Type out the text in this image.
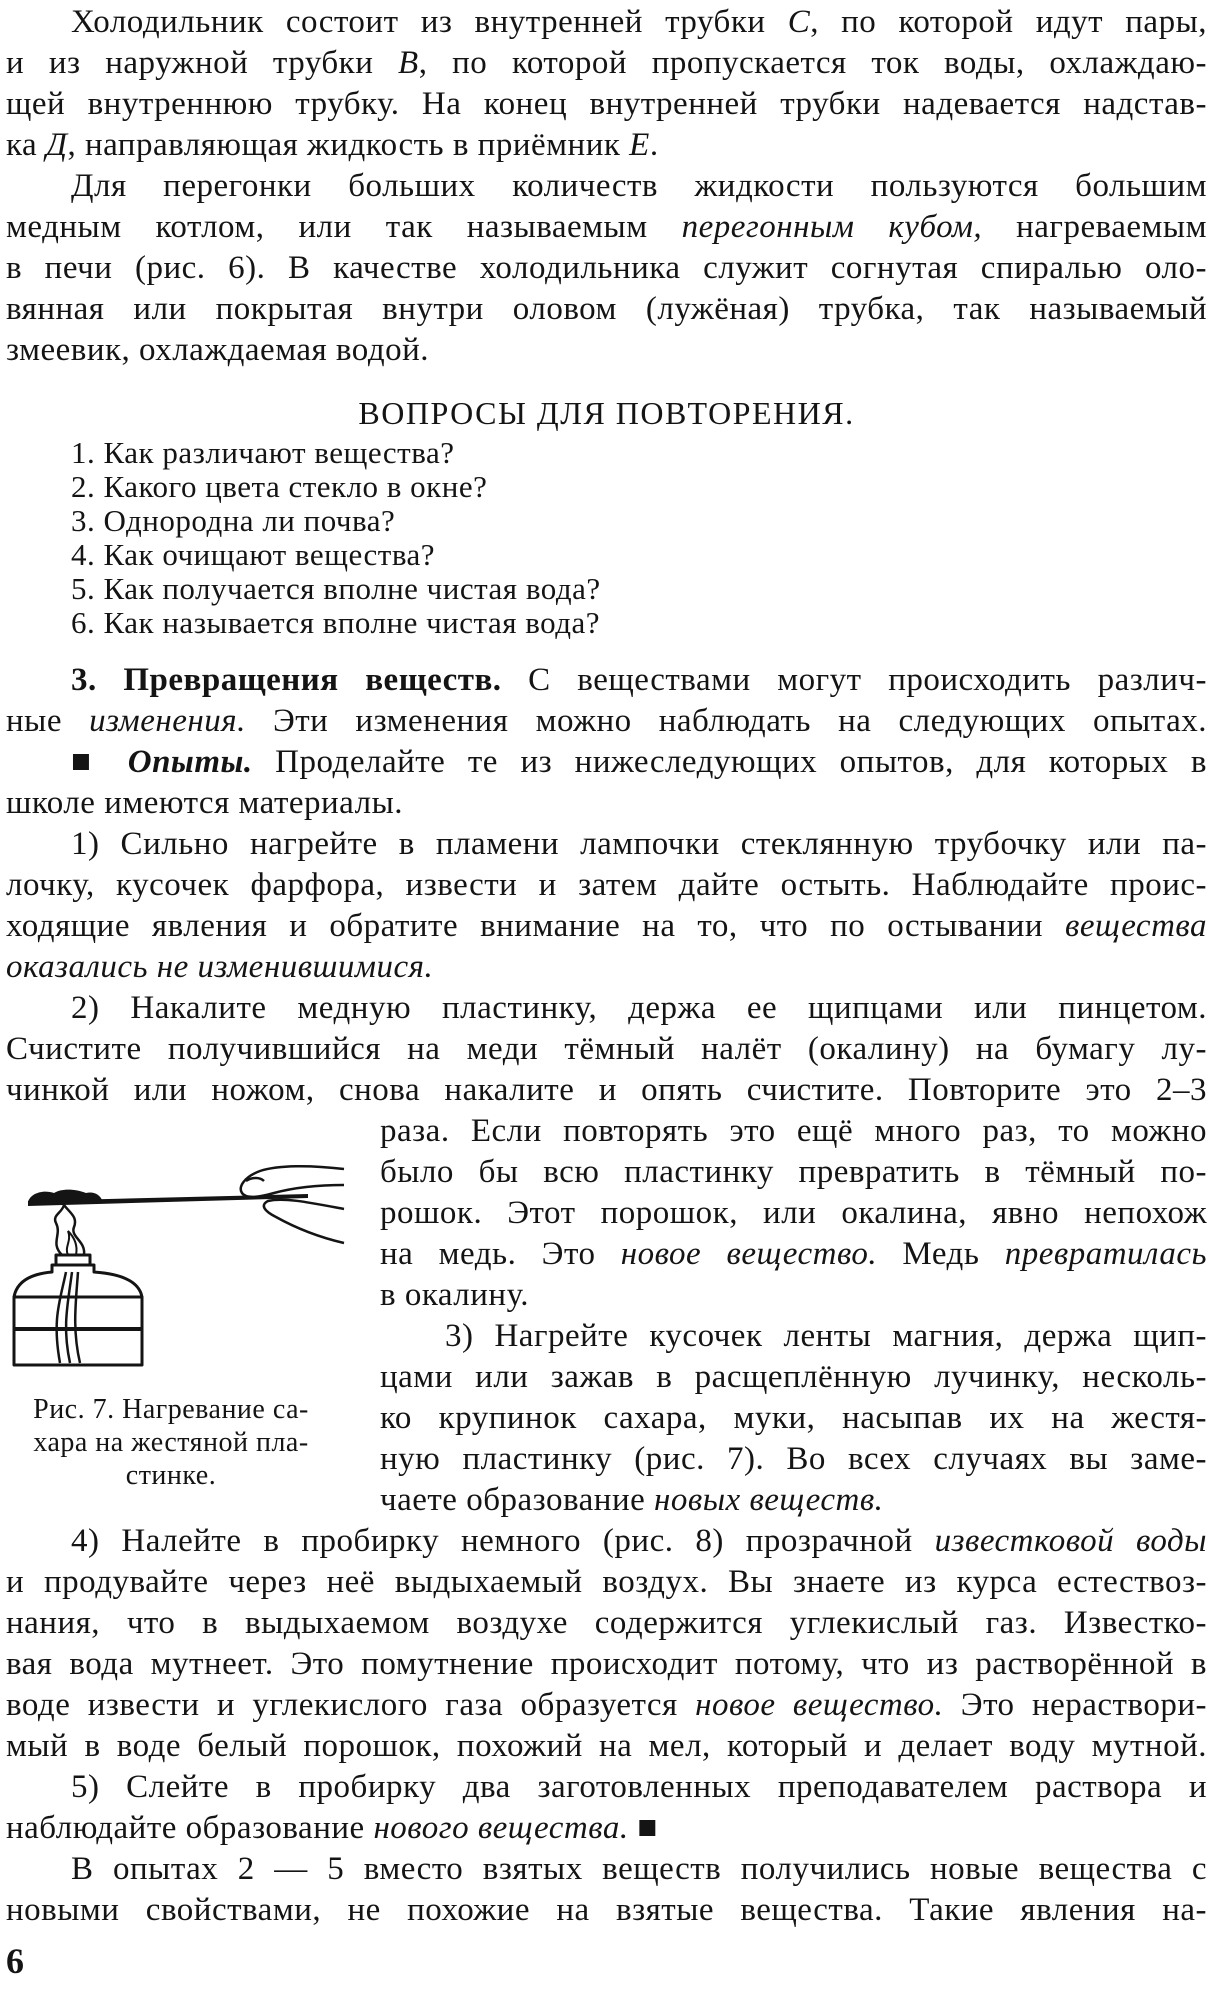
Холодильник состоит из внутренней трубки С, по которой идут пары,
и из наружной трубки В, по которой пропускается ток воды, охлаждаю-
щей внутреннюю трубку. На конец внутренней трубки надевается надстав-
ка Д, направляющая жидкость в приёмник Е.
Для перегонки больших количеств жидкости пользуются большим
медным котлом, или так называемым перегонным кубом, нагреваемым
в печи (рис. 6). В качестве холодильника служит согнутая спиралью оло-
вянная или покрытая внутри оловом (лужёная) трубка, так называемый
змеевик, охлаждаемая водой.
ВОПРОСЫ ДЛЯ ПОВТОРЕНИЯ.
1. Как различают вещества?
2. Какого цвета стекло в окне?
3. Однородна ли почва?
4. Как очищают вещества?
5. Как получается вполне чистая вода?
6. Как называется вполне чистая вода?
3. Превращения веществ. С веществами могут происходить различ-
ные изменения. Эти изменения можно наблюдать на следующих опытах.
■ Опыты. Проделайте те из нижеследующих опытов, для которых в
школе имеются материалы.
1) Сильно нагрейте в пламени лампочки стеклянную трубочку или па-
лочку, кусочек фарфора, извести и затем дайте остыть. Наблюдайте проис-
ходящие явления и обратите внимание на то, что по остывании вещества
оказались не изменившимися.
2) Накалите медную пластинку, держа ее щипцами или пинцетом.
Счистите получившийся на меди тёмный налёт (окалину) на бумагу лу-
чинкой или ножом, снова накалите и опять счистите. Повторите это 2–3
Рис. 7. Нагревание са-
хара на жестяной пла-
стинке.
раза. Если повторять это ещё много раз, то можно
было бы всю пластинку превратить в тёмный по-
рошок. Этот порошок, или окалина, явно непохож
на медь. Это новое вещество. Медь превратилась
в окалину.
3) Нагрейте кусочек ленты магния, держа щип-
цами или зажав в расщеплённую лучинку, несколь-
ко крупинок сахара, муки, насыпав их на жестя-
ную пластинку (рис. 7). Во всех случаях вы заме-
чаете образование новых веществ.
4) Налейте в пробирку немного (рис. 8) прозрачной известковой воды
и продувайте через неё выдыхаемый воздух. Вы знаете из курса естествоз-
нания, что в выдыхаемом воздухе содержится углекислый газ. Известко-
вая вода мутнеет. Это помутнение происходит потому, что из растворённой в
воде извести и углекислого газа образуется новое вещество. Это нераствори-
мый в воде белый порошок, похожий на мел, который и делает воду мутной.
5) Слейте в пробирку два заготовленных преподавателем раствора и
наблюдайте образование нового вещества. ■
В опытах 2 — 5 вместо взятых веществ получились новые вещества с
новыми свойствами, не похожие на взятые вещества. Такие явления на-
6
